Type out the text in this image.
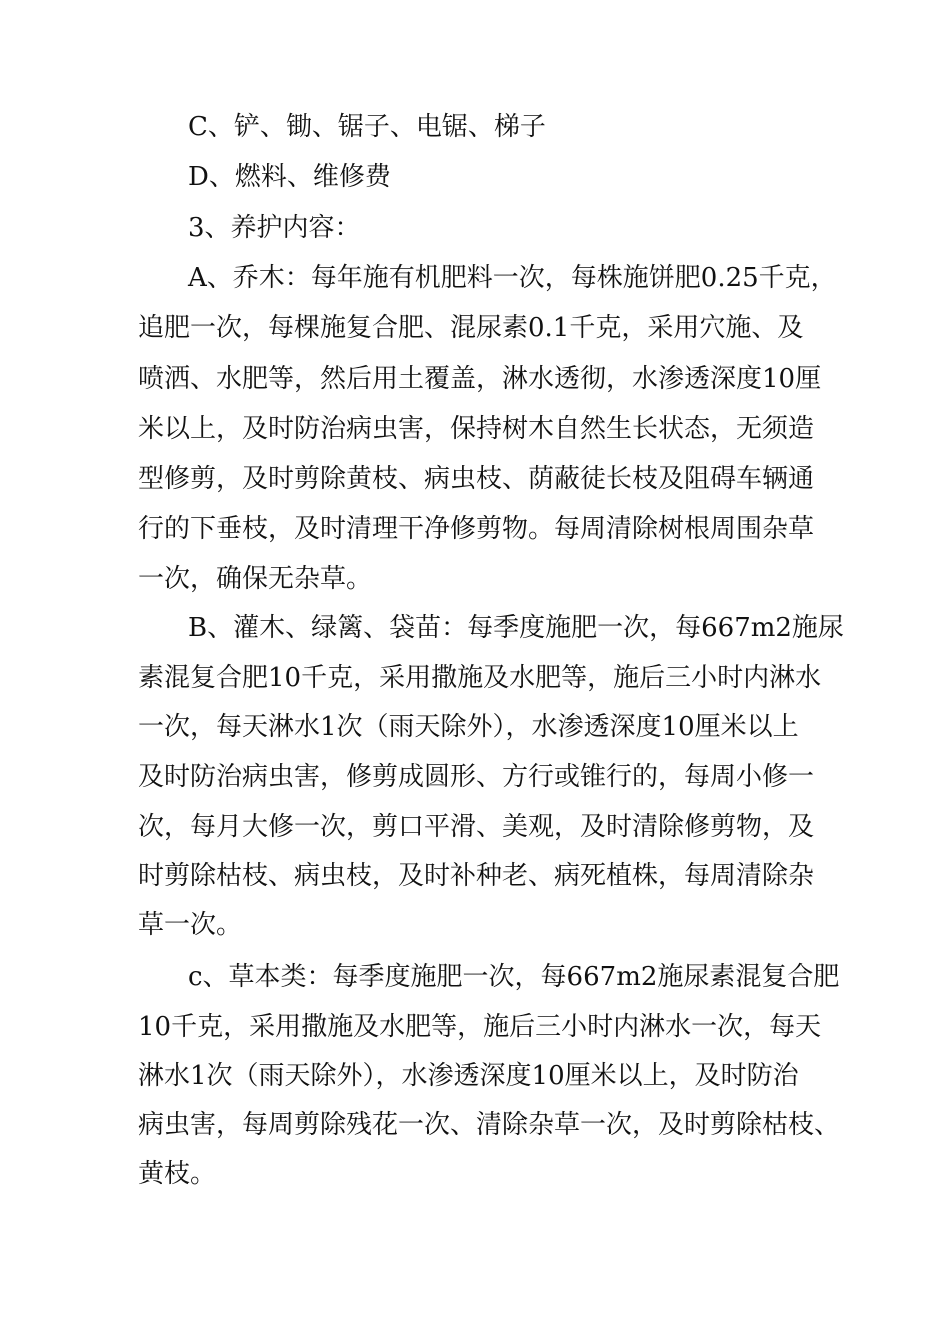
C、铲、锄、锯子、电锯、梯子

D、燃料、维修费

3、养护内容：

A、乔木：每年施有机肥料一次，每株施饼肥0.25千克，

追肥一次，每棵施复合肥、混尿素0.1千克，采用穴施、及

喷洒、水肥等，然后用土覆盖，淋水透彻，水渗透深度10厘

米以上，及时防治病虫害，保持树木自然生长状态，无须造

型修剪，及时剪除黄枝、病虫枝、荫蔽徒长枝及阻碍车辆通

行的下垂枝，及时清理干净修剪物。每周清除树根周围杂草

一次，确保无杂草。

B、灌木、绿篱、袋苗：每季度施肥一次，每667m2施尿

素混复合肥10千克，采用撒施及水肥等，施后三小时内淋水

一次，每天淋水1次（雨天除外），水渗透深度10厘米以上

及时防治病虫害，修剪成圆形、方行或锥行的，每周小修一

次，每月大修一次，剪口平滑、美观，及时清除修剪物，及

时剪除枯枝、病虫枝，及时补种老、病死植株，每周清除杂

草一次。

c、草本类：每季度施肥一次，每667m2施尿素混复合肥

10千克，采用撒施及水肥等，施后三小时内淋水一次，每天

淋水1次（雨天除外），水渗透深度10厘米以上，及时防治

病虫害，每周剪除残花一次、清除杂草一次，及时剪除枯枝、

黄枝。
